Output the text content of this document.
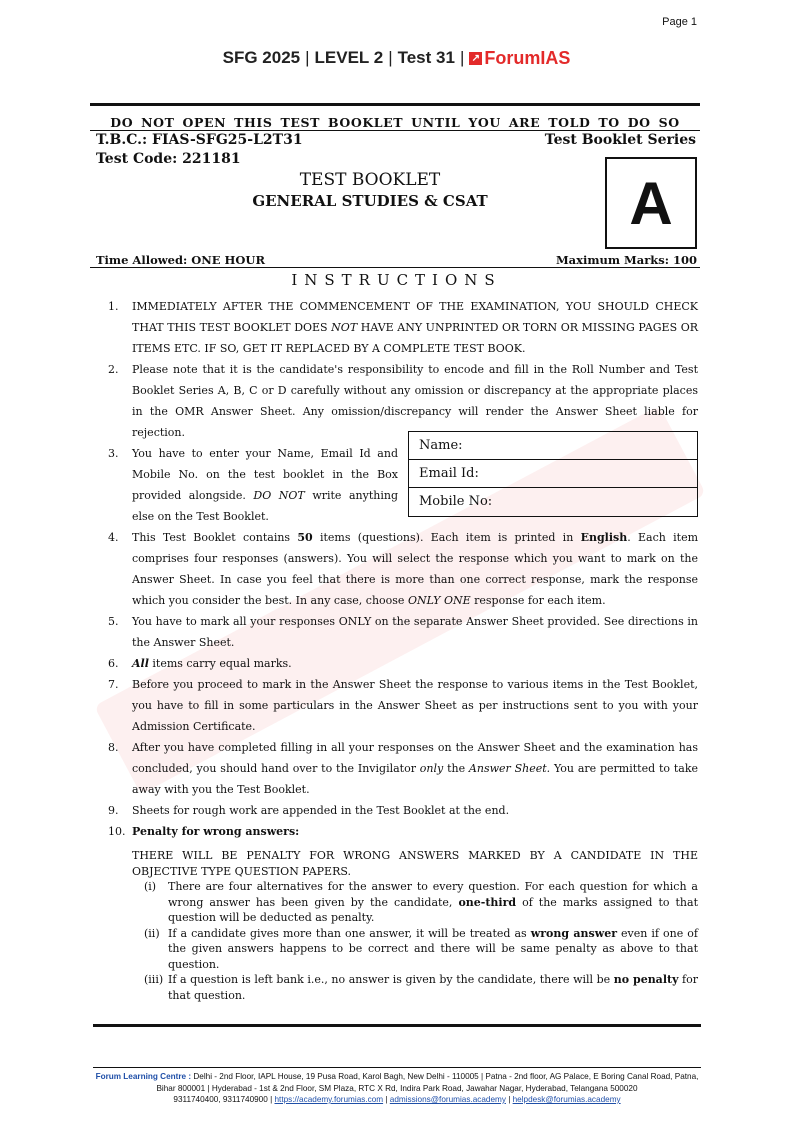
Page 1
SFG 2025 | LEVEL 2 | Test 31 | ↗ Forum IAS
DO NOT OPEN THIS TEST BOOKLET UNTIL YOU ARE TOLD TO DO SO
T.B.C.: FIAS-SFG25-L2T31	Test Booklet Series
Test Code: 221181
TEST BOOKLET
GENERAL STUDIES & CSAT	A
Time Allowed: ONE HOUR	Maximum Marks: 100
INSTRUCTIONS
Name:
Email Id:
Mobile No:
1. IMMEDIATELY AFTER THE COMMENCEMENT OF THE EXAMINATION, YOU SHOULD CHECK THAT THIS TEST BOOKLET DOES NOT HAVE ANY UNPRINTED OR TORN OR MISSING PAGES OR ITEMS ETC. IF SO, GET IT REPLACED BY A COMPLETE TEST BOOK.
2. Please note that it is the candidate's responsibility to encode and fill in the Roll Number and Test Booklet Series A, B, C or D carefully without any omission or discrepancy at the appropriate places in the OMR Answer Sheet. Any omission/discrepancy will render the Answer Sheet liable for rejection.
3. You have to enter your Name, Email Id and Mobile No. on the test booklet in the Box provided alongside. DO NOT write anything else on the Test Booklet.
4. This Test Booklet contains 50 items (questions). Each item is printed in English. Each item comprises four responses (answers). You will select the response which you want to mark on the Answer Sheet. In case you feel that there is more than one correct response, mark the response which you consider the best. In any case, choose ONLY ONE response for each item.
5. You have to mark all your responses ONLY on the separate Answer Sheet provided. See directions in the Answer Sheet.
6. All items carry equal marks.
7. Before you proceed to mark in the Answer Sheet the response to various items in the Test Booklet, you have to fill in some particulars in the Answer Sheet as per instructions sent to you with your Admission Certificate.
8. After you have completed filling in all your responses on the Answer Sheet and the examination has concluded, you should hand over to the Invigilator only the Answer Sheet. You are permitted to take away with you the Test Booklet.
9. Sheets for rough work are appended in the Test Booklet at the end.
10. Penalty for wrong answers:
THERE WILL BE PENALTY FOR WRONG ANSWERS MARKED BY A CANDIDATE IN THE OBJECTIVE TYPE QUESTION PAPERS.
(i) There are four alternatives for the answer to every question. For each question for which a wrong answer has been given by the candidate, one-third of the marks assigned to that question will be deducted as penalty.
(ii) If a candidate gives more than one answer, it will be treated as wrong answer even if one of the given answers happens to be correct and there will be same penalty as above to that question.
(iii) If a question is left bank i.e., no answer is given by the candidate, there will be no penalty for that question.
Forum Learning Centre : Delhi - 2nd Floor, IAPL House, 19 Pusa Road, Karol Bagh, New Delhi - 110005 | Patna - 2nd floor, AG Palace, E Boring Canal Road, Patna, Bihar 800001 | Hyderabad - 1st & 2nd Floor, SM Plaza, RTC X Rd, Indira Park Road, Jawahar Nagar, Hyderabad, Telangana 500020
9311740400, 9311740900 | https://academy.forumias.com | admissions@forumias.academy | helpdesk@forumias.academy
